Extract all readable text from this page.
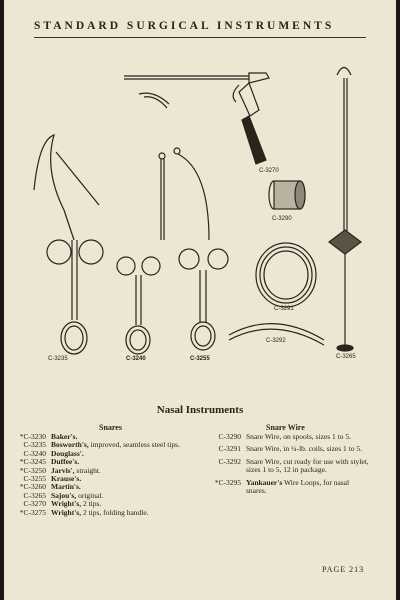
STANDARD SURGICAL INSTRUMENTS
C-3270
C-3290
C-3291
C-3292
C-3265
C-3235	C-3240	C-3255
Nasal Instruments
Snares	Snare Wire
*C-3230 Baker's.
C-3235 Bosworth's, improved, seamless steel tips.
C-3240 Douglass'.
*C-3245 Duffee's.
*C-3250 Jarvis', straight.
C-3255 Krause's.
*C-3260 Martin's.
C-3265 Sajou's, original.
C-3270 Wright's, 2 tips.
*C-3275 Wright's, 2 tips, folding handle.
C-3290 Snare Wire, on spools, sizes 1 to 5.
C-3291 Snare Wire, in ¼-lb. coils, sizes 1 to 5.
C-3292 Snare Wire, cut ready for use with stylet, sizes 1 to 5, 12 in package.
*C-3295 Yankauer's Wire Loops, for nasal snares.
PAGE 213
